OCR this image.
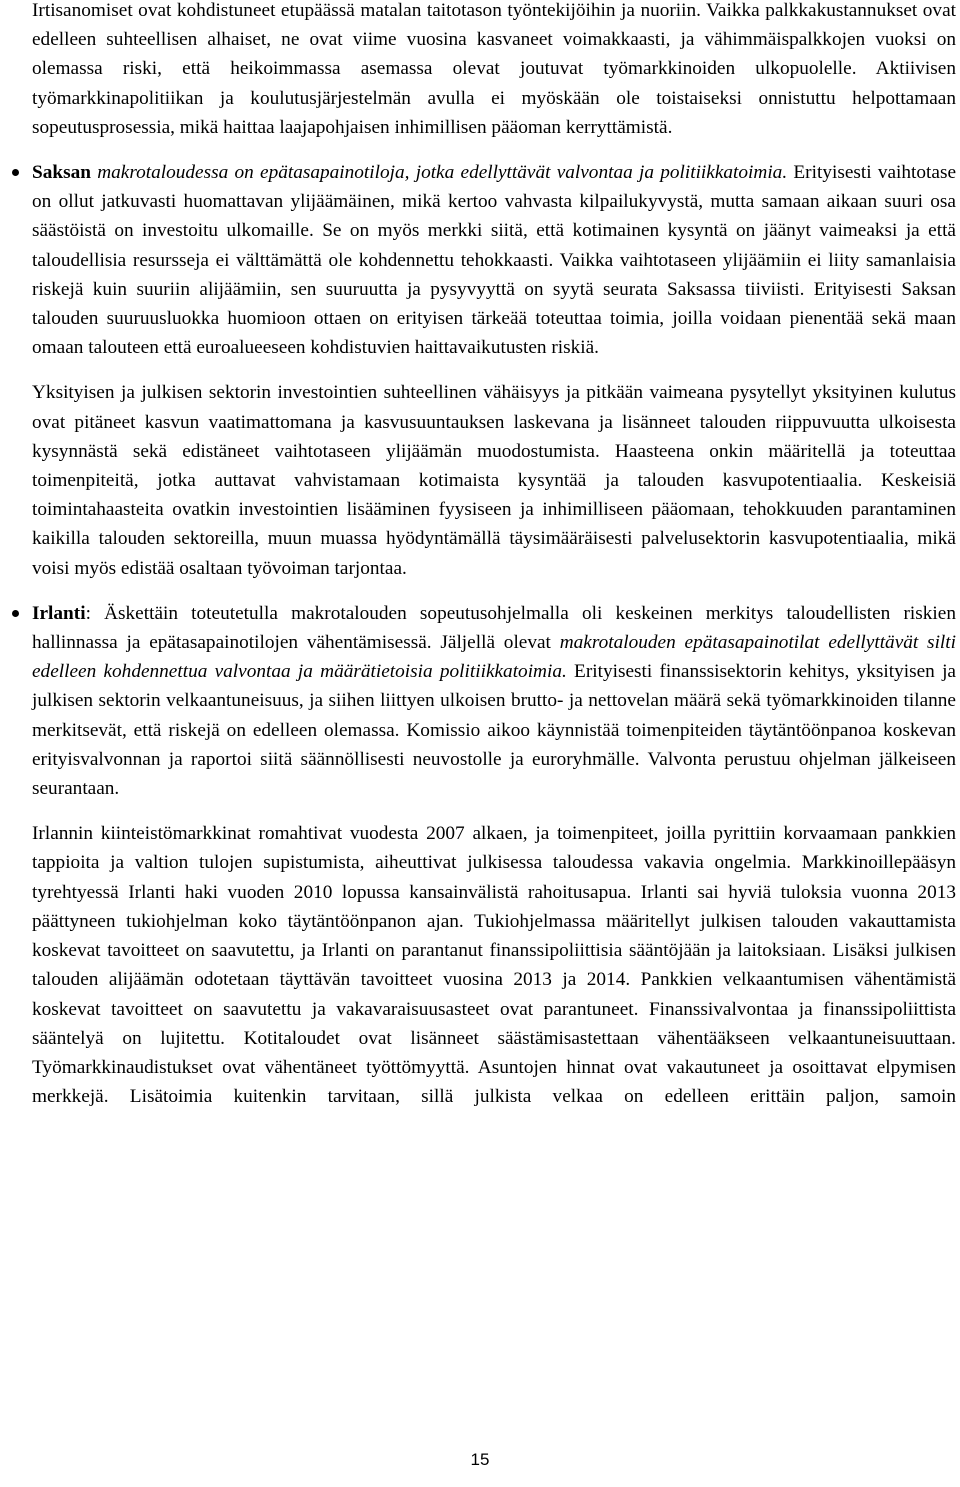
Irtisanomiset ovat kohdistuneet etupäässä matalan taitotason työntekijöihin ja nuoriin. Vaikka palkkakustannukset ovat edelleen suhteellisen alhaiset, ne ovat viime vuosina kasvaneet voimakkaasti, ja vähimmäispalkkojen vuoksi on olemassa riski, että heikoimmassa asemassa olevat joutuvat työmarkkinoiden ulkopuolelle. Aktiivisen työmarkkinapolitiikan ja koulutusjärjestelmän avulla ei myöskään ole toistaiseksi onnistuttu helpottamaan sopeutusprosessia, mikä haittaa laajapohjaisen inhimillisen pääoman kerryttämistä.

Saksan makrotaloudessa on epätasapainotiloja, jotka edellyttävät valvontaa ja politiikkatoimia. Erityisesti vaihtotase on ollut jatkuvasti huomattavan ylijäämäinen, mikä kertoo vahvasta kilpailukyvystä, mutta samaan aikaan suuri osa säästöistä on investoitu ulkomaille. Se on myös merkki siitä, että kotimainen kysyntä on jäänyt vaimeaksi ja että taloudellisia resursseja ei välttämättä ole kohdennettu tehokkaasti. Vaikka vaihtotaseen ylijäämiin ei liity samanlaisia riskejä kuin suuriin alijäämiin, sen suuruutta ja pysyvyyttä on syytä seurata Saksassa tiiviisti. Erityisesti Saksan talouden suuruusluokka huomioon ottaen on erityisen tärkeää toteuttaa toimia, joilla voidaan pienentää sekä maan omaan talouteen että euroalueeseen kohdistuvien haittavaikutusten riskiä.

Yksityisen ja julkisen sektorin investointien suhteellinen vähäisyys ja pitkään vaimeana pysytellyt yksityinen kulutus ovat pitäneet kasvun vaatimattomana ja kasvusuuntauksen laskevana ja lisänneet talouden riippuvuutta ulkoisesta kysynnästä sekä edistäneet vaihtotaseen ylijäämän muodostumista. Haasteena onkin määritellä ja toteuttaa toimenpiteitä, jotka auttavat vahvistamaan kotimaista kysyntää ja talouden kasvupotentiaalia. Keskeisiä toimintahaasteita ovatkin investointien lisääminen fyysiseen ja inhimilliseen pääomaan, tehokkuuden parantaminen kaikilla talouden sektoreilla, muun muassa hyödyntämällä täysimääräisesti palvelusektorin kasvupotentiaalia, mikä voisi myös edistää osaltaan työvoiman tarjontaa.

Irlanti: Äskettäin toteutetulla makrotalouden sopeutusohjelmalla oli keskeinen merkitys taloudellisten riskien hallinnassa ja epätasapainotilojen vähentämisessä. Jäljellä olevat makrotalouden epätasapainotilat edellyttävät silti edelleen kohdennettua valvontaa ja määrätietoisia politiikkatoimia. Erityisesti finanssisektorin kehitys, yksityisen ja julkisen sektorin velkaantuneisuus, ja siihen liittyen ulkoisen brutto- ja nettovelan määrä sekä työmarkkinoiden tilanne merkitsevät, että riskejä on edelleen olemassa. Komissio aikoo käynnistää toimenpiteiden täytäntöönpanoa koskevan erityisvalvonnan ja raportoi siitä säännöllisesti neuvostolle ja euroryhmälle. Valvonta perustuu ohjelman jälkeiseen seurantaan.

Irlannin kiinteistömarkkinat romahtivat vuodesta 2007 alkaen, ja toimenpiteet, joilla pyrittiin korvaamaan pankkien tappioita ja valtion tulojen supistumista, aiheuttivat julkisessa taloudessa vakavia ongelmia. Markkinoillepääsyn tyrehtyessä Irlanti haki vuoden 2010 lopussa kansainvälistä rahoitusapua. Irlanti sai hyviä tuloksia vuonna 2013 päättyneen tukiohjelman koko täytäntöönpanon ajan. Tukiohjelmassa määritellyt julkisen talouden vakauttamista koskevat tavoitteet on saavutettu, ja Irlanti on parantanut finanssipoliittisia sääntöjään ja laitoksiaan. Lisäksi julkisen talouden alijäämän odotetaan täyttävän tavoitteet vuosina 2013 ja 2014. Pankkien velkaantumisen vähentämistä koskevat tavoitteet on saavutettu ja vakavaraisuusasteet ovat parantuneet. Finanssivalvontaa ja finanssipoliittista sääntelyä on lujitettu. Kotitaloudet ovat lisänneet säästämisastettaan vähentääkseen velkaantuneisuuttaan. Työmarkkinaudistukset ovat vähentäneet työttömyyttä. Asuntojen hinnat ovat vakautuneet ja osoittavat elpymisen merkkejä. Lisätoimia kuitenkin tarvitaan, sillä julkista velkaa on edelleen erittäin paljon, samoin

15
